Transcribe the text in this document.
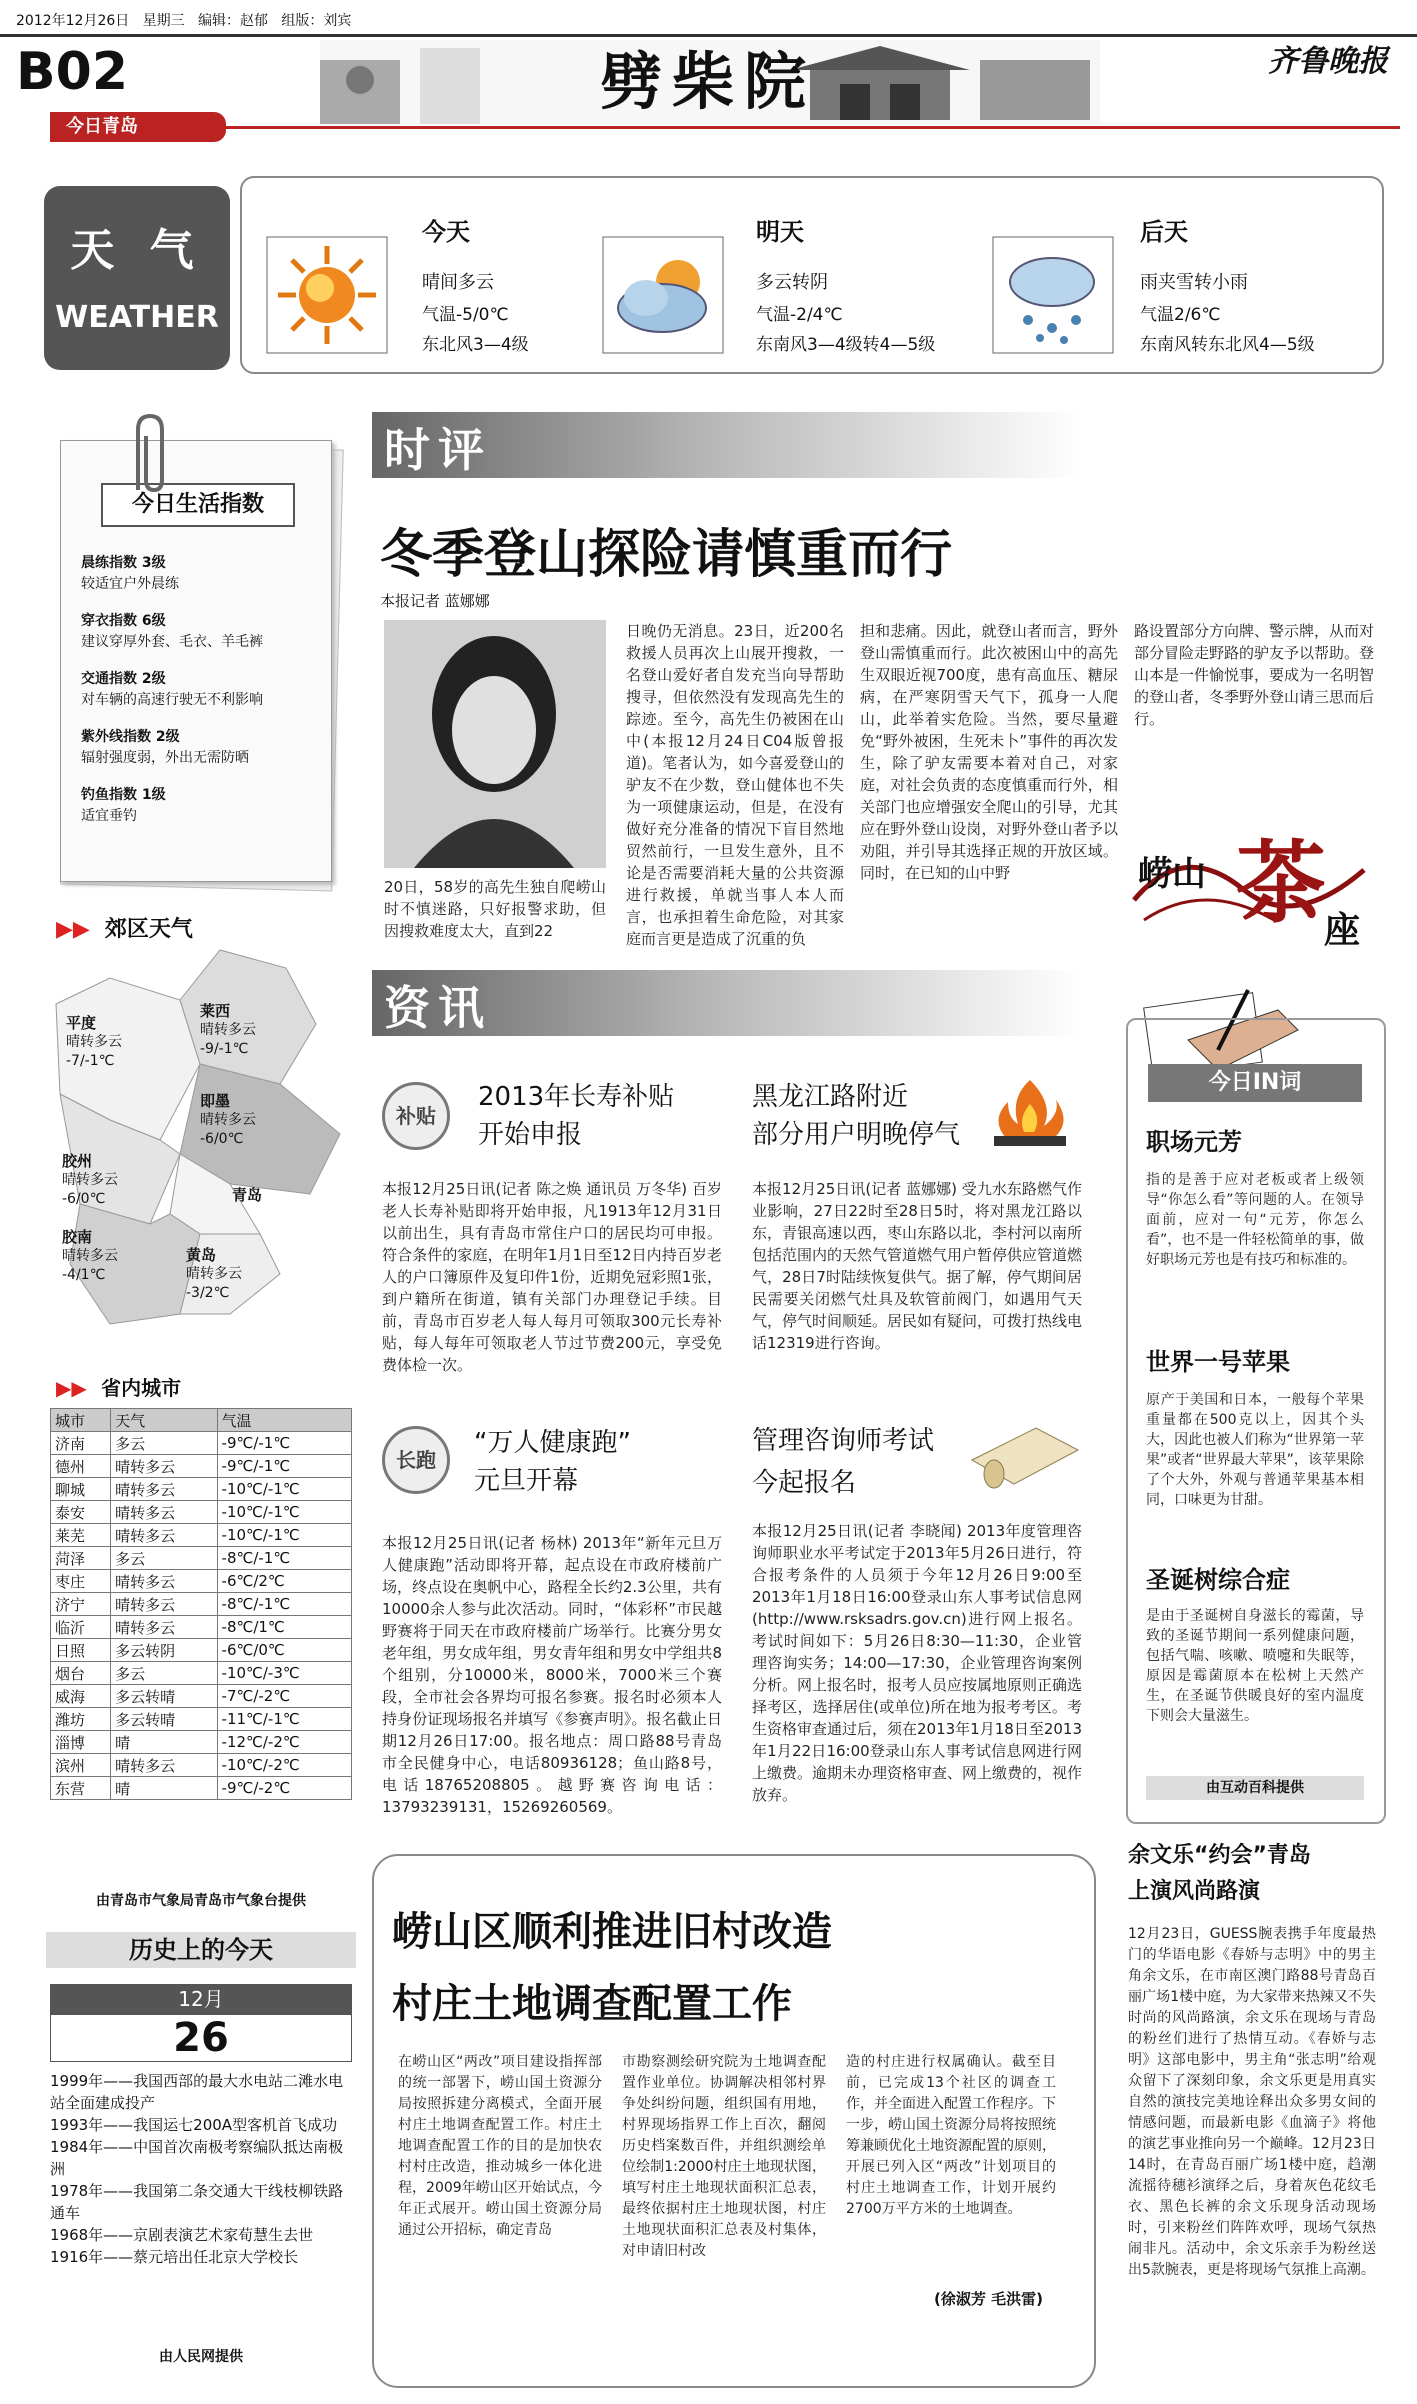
2012年12月26日 星期三 编辑：赵郁 组版：刘宾
B02
今日青岛
劈柴院	齐鲁晚报
天 气
WEATHER
今天
晴间多云
气温-5/0℃
东北风3—4级
明天
多云转阴
气温-2/4℃
东南风3—4级转4—5级
后天
雨夹雪转小雨
气温2/6℃
东南风转东北风4—5级
今日生活指数
晨练指数 3级
较适宜户外晨练
穿衣指数 6级
建议穿厚外套、毛衣、羊毛裤
交通指数 2级
对车辆的高速行驶无不利影响
紫外线指数 2级
辐射强度弱，外出无需防晒
钓鱼指数 1级
适宜垂钓
▶▶ 郊区天气
平度
晴转多云
-7/-1℃
莱西
晴转多云
-9/-1℃
即墨
晴转多云
-6/0℃
胶州
晴转多云
-6/0℃	青岛
胶南
晴转多云
-4/1℃
黄岛
晴转多云
-3/2℃
▶▶ 省内城市
城市	天气	气温
济南	多云	-9℃/-1℃
德州	晴转多云	-9℃/-1℃
聊城	晴转多云	-10℃/-1℃
泰安	晴转多云	-10℃/-1℃
莱芜	晴转多云	-10℃/-1℃
菏泽	多云	-8℃/-1℃
枣庄	晴转多云	-6℃/2℃
济宁	晴转多云	-8℃/-1℃
临沂	晴转多云	-8℃/1℃
日照	多云转阴	-6℃/0℃
烟台	多云	-10℃/-3℃
威海	多云转晴	-7℃/-2℃
潍坊	多云转晴	-11℃/-1℃
淄博	晴	-12℃/-2℃
滨州	晴转多云	-10℃/-2℃
东营	晴	-9℃/-2℃
由青岛市气象局青岛市气象台提供
历史上的今天
12月
26
1999年——我国西部的最大水电站二滩水电站全面建成投产
1993年——我国运七200A型客机首飞成功
1984年——中国首次南极考察编队抵达南极洲
1978年——我国第二条交通大干线枝柳铁路通车
1968年——京剧表演艺术家荀慧生去世
1916年——蔡元培出任北京大学校长
由人民网提供
时评
冬季登山探险请慎重而行
本报记者 蓝娜娜
20日，58岁的高先生独自爬崂山时不慎迷路，只好报警求助，但因搜救难度太大，直到22
日晚仍无消息。23日，近200名救援人员再次上山展开搜救，一名登山爱好者自发充当向导帮助搜寻，但依然没有发现高先生的踪迹。至今，高先生仍被困在山中(本报12月24日C04版曾报道)。笔者认为，如今喜爱登山的驴友不在少数，登山健体也不失为一项健康运动，但是，在没有做好充分准备的情况下盲目然地贸然前行，一旦发生意外，且不论是否需要消耗大量的公共资源进行救援，单就当事人本人而言，也承担着生命危险，对其家庭而言更是造成了沉重的负
担和悲痛。因此，就登山者而言，野外登山需慎重而行。此次被困山中的高先生双眼近视700度，患有高血压、糖尿病，在严寒阴雪天气下，孤身一人爬山，此举着实危险。当然，要尽量避免“野外被困，生死未卜”事件的再次发生，除了驴友需要本着对自己，对家庭，对社会负责的态度慎重而行外，相关部门也应增强安全爬山的引导，尤其应在野外登山设岗，对野外登山者予以劝阻，并引导其选择正规的开放区域。同时，在已知的山中野
路设置部分方向牌、警示牌，从而对部分冒险走野路的驴友予以帮助。登山本是一件愉悦事，要成为一名明智的登山者，冬季野外登山请三思而后行。
崂山 茶
座
资讯
补贴
2013年长寿补贴
开始申报
本报12月25日讯(记者 陈之焕 通讯员 万冬华) 百岁老人长寿补贴即将开始申报，凡1913年12月31日以前出生，具有青岛市常住户口的居民均可申报。符合条件的家庭，在明年1月1日至12日内持百岁老人的户口簿原件及复印件1份，近期免冠彩照1张，到户籍所在街道，镇有关部门办理登记手续。目前，青岛市百岁老人每人每月可领取300元长寿补贴，每人每年可领取老人节过节费200元，享受免费体检一次。
黑龙江路附近
部分用户明晚停气
本报12月25日讯(记者 蓝娜娜) 受九水东路燃气作业影响，27日22时至28日5时，将对黑龙江路以东，青银高速以西，枣山东路以北，李村河以南所包括范围内的天然气管道燃气用户暂停供应管道燃气，28日7时陆续恢复供气。据了解，停气期间居民需要关闭燃气灶具及软管前阀门，如遇用气天气，停气时间顺延。居民如有疑问，可拨打热线电话12319进行咨询。
长跑
“万人健康跑”
元旦开幕
本报12月25日讯(记者 杨林) 2013年“新年元旦万人健康跑”活动即将开幕，起点设在市政府楼前广场，终点设在奥帆中心，路程全长约2.3公里，共有10000余人参与此次活动。同时，“体彩杯”市民越野赛将于同天在市政府楼前广场举行。比赛分男女老年组，男女成年组，男女青年组和男女中学组共8个组别，分10000米，8000米，7000米三个赛段，全市社会各界均可报名参赛。报名时必须本人持身份证现场报名并填写《参赛声明》。报名截止日期12月26日17:00。报名地点：周口路88号青岛市全民健身中心，电话80936128；鱼山路8号，电话18765208805。越野赛咨询电话：13793239131，15269260569。
管理咨询师考试
今起报名
本报12月25日讯(记者 李晓闻) 2013年度管理咨询师职业水平考试定于2013年5月26日进行，符合报考条件的人员须于今年12月26日9:00至2013年1月18日16:00登录山东人事考试信息网(http://www.rsksadrs.gov.cn)进行网上报名。考试时间如下：5月26日8:30—11:30，企业管理咨询实务；14:00—17:30，企业管理咨询案例分析。网上报名时，报考人员应按属地原则正确选择考区，选择居住(或单位)所在地为报考考区。考生资格审查通过后，须在2013年1月18日至2013年1月22日16:00登录山东人事考试信息网进行网上缴费。逾期未办理资格审查、网上缴费的，视作放弃。
今日IN词
职场元芳
指的是善于应对老板或者上级领导“你怎么看”等问题的人。在领导面前，应对一句“元芳，你怎么看”，也不是一件轻松简单的事，做好职场元芳也是有技巧和标准的。
世界一号苹果
原产于美国和日本，一般每个苹果重量都在500克以上，因其个头大，因此也被人们称为“世界第一苹果”或者“世界最大苹果”，该苹果除了个大外，外观与普通苹果基本相同，口味更为甘甜。
圣诞树综合症
是由于圣诞树自身滋长的霉菌，导致的圣诞节期间一系列健康问题，包括气喘、咳嗽、喷嚏和失眠等，原因是霉菌原本在松树上天然产生，在圣诞节供暖良好的室内温度下则会大量滋生。
由互动百科提供
余文乐“约会”青岛
上演风尚路演
12月23日，GUESS腕表携手年度最热门的华语电影《春娇与志明》中的男主角余文乐，在市南区澳门路88号青岛百丽广场1楼中庭，为大家带来热辣又不失时尚的风尚路演，余文乐在现场与青岛的粉丝们进行了热情互动。《春娇与志明》这部电影中，男主角“张志明”给观众留下了深刻印象，余文乐更是用真实自然的演技完美地诠释出众多男女间的情感问题，而最新电影《血滴子》将他的演艺事业推向另一个巅峰。12月23日14时，在青岛百丽广场1楼中庭，趋潮流摇待穗衫演绎之后，身着灰色花纹毛衣、黑色长裤的余文乐现身活动现场时，引来粉丝们阵阵欢呼，现场气氛热闹非凡。活动中，余文乐亲手为粉丝送出5款腕表，更是将现场气氛推上高潮。
崂山区顺利推进旧村改造
村庄土地调查配置工作
在崂山区“两改”项目建设指挥部的统一部署下，崂山国土资源分局按照拆建分离模式，全面开展村庄土地调查配置工作。村庄土地调查配置工作的目的是加快农村村庄改造，推动城乡一体化进程，2009年崂山区开始试点，今年正式展开。崂山国土资源分局通过公开招标，确定青岛
市勘察测绘研究院为土地调查配置作业单位。协调解决相邻村界争处纠纷问题，组织国有用地，村界现场指界工作上百次，翻阅历史档案数百件，并组织测绘单位绘制1:2000村庄土地现状图，填写村庄土地现状面积汇总表，最终依据村庄土地现状图，村庄土地现状面积汇总表及村集体，对申请旧村改
造的村庄进行权属确认。截至目前，已完成13个社区的调查工作，并全面进入配置工作程序。下一步，崂山国土资源分局将按照统筹兼顾优化土地资源配置的原则，开展已列入区“两改”计划项目的村庄土地调查工作，计划开展约2700万平方米的土地调查。
(徐淑芳 毛洪雷)
